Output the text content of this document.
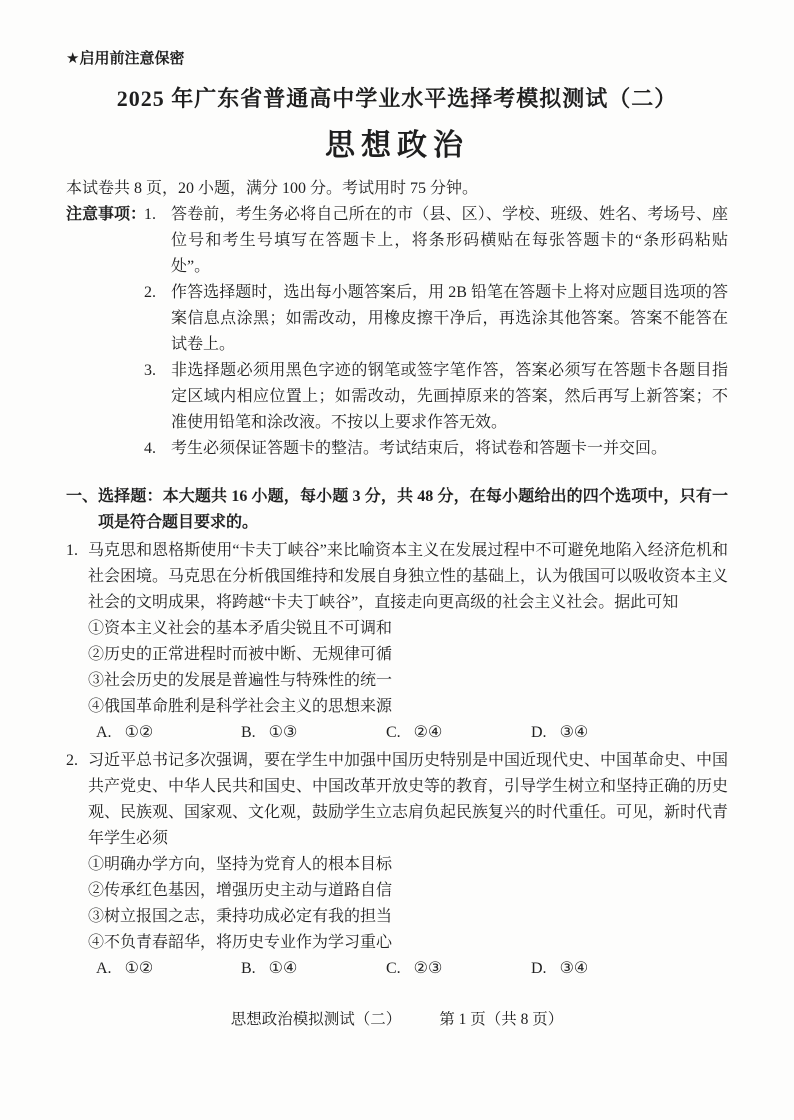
★启用前注意保密
2025 年广东省普通高中学业水平选择考模拟测试（二）
思想政治
本试卷共 8 页，20 小题，满分 100 分。考试用时 75 分钟。
注意事项：
1. 答卷前，考生务必将自己所在的市（县、区）、学校、班级、姓名、考场号、座位号和考生号填写在答题卡上，将条形码横贴在每张答题卡的“条形码粘贴处”。
2. 作答选择题时，选出每小题答案后，用 2B 铅笔在答题卡上将对应题目选项的答案信息点涂黑；如需改动，用橡皮擦干净后，再选涂其他答案。答案不能答在试卷上。
3. 非选择题必须用黑色字迹的钢笔或签字笔作答，答案必须写在答题卡各题目指定区域内相应位置上；如需改动，先画掉原来的答案，然后再写上新答案；不准使用铅笔和涂改液。不按以上要求作答无效。
4. 考生必须保证答题卡的整洁。考试结束后，将试卷和答题卡一并交回。
一、 选择题：本大题共 16 小题，每小题 3 分，共 48 分，在每小题给出的四个选项中，只有一项是符合题目要求的。
1. 马克思和恩格斯使用“卡夫丁峡谷”来比喻资本主义在发展过程中不可避免地陷入经济危机和社会困境。马克思在分析俄国维持和发展自身独立性的基础上，认为俄国可以吸收资本主义社会的文明成果，将跨越“卡夫丁峡谷”，直接走向更高级的社会主义社会。据此可知
①资本主义社会的基本矛盾尖锐且不可调和
②历史的正常进程时而被中断、无规律可循
③社会历史的发展是普遍性与特殊性的统一
④俄国革命胜利是科学社会主义的思想来源
A. ①②	B. ①③	C. ②④	D. ③④
2. 习近平总书记多次强调，要在学生中加强中国历史特别是中国近现代史、中国革命史、中国共产党史、中华人民共和国史、中国改革开放史等的教育，引导学生树立和坚持正确的历史观、民族观、国家观、文化观，鼓励学生立志肩负起民族复兴的时代重任。可见，新时代青年学生必须
①明确办学方向，坚持为党育人的根本目标
②传承红色基因，增强历史主动与道路自信
③树立报国之志，秉持功成必定有我的担当
④不负青春韶华，将历史专业作为学习重心
A. ①②	B. ①④	C. ②③	D. ③④
思想政治模拟测试（二） 第 1 页（共 8 页）
